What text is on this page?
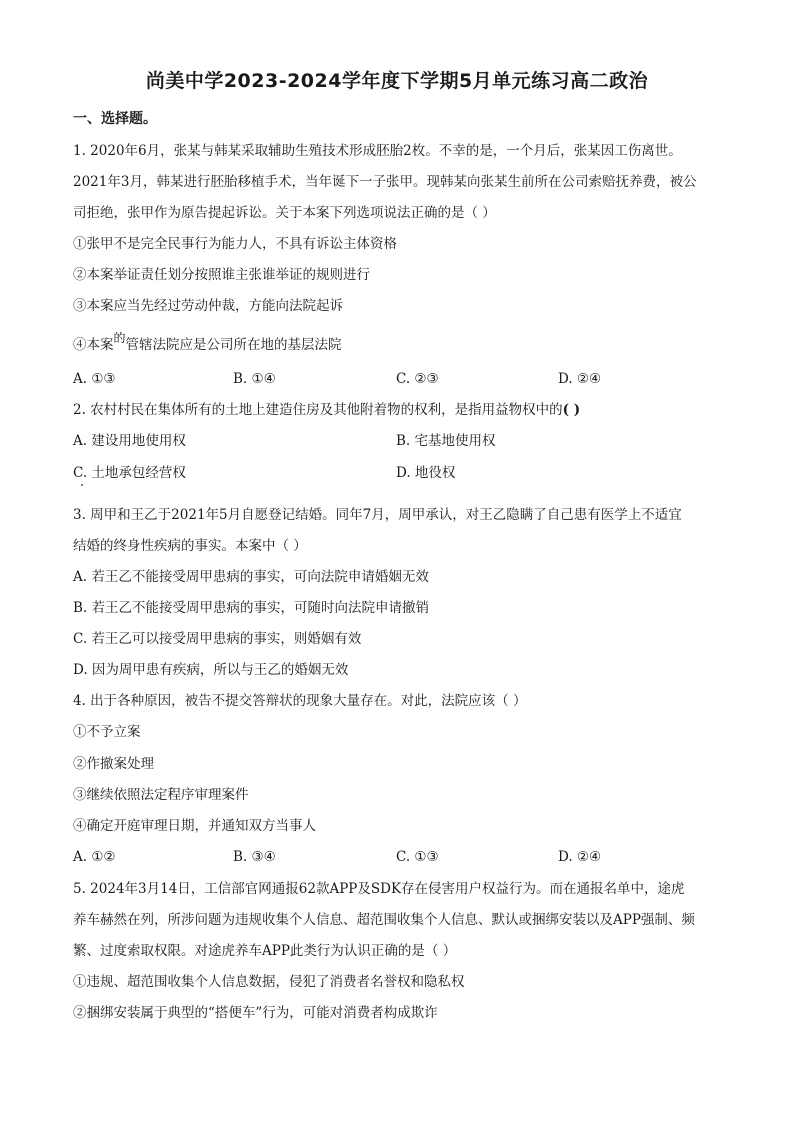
尚美中学2023-2024学年度下学期5月单元练习高二政治
一、选择题。
1. 2020年6月，张某与韩某采取辅助生殖技术形成胚胎2枚。不幸的是，一个月后，张某因工伤离世。
2021年3月，韩某进行胚胎移植手术，当年诞下一子张甲。现韩某向张某生前所在公司索赔抚养费，被公
司拒绝，张甲作为原告提起诉讼。关于本案下列选项说法正确的是（ ）
①张甲不是完全民事行为能力人，不具有诉讼主体资格
②本案举证责任划分按照谁主张谁举证的规则进行
③本案应当先经过劳动仲裁，方能向法院起诉
④本案的管辖法院应是公司所在地的基层法院
A. ①③	B. ①④	C. ②③	D. ②④
2. 农村村民在集体所有的土地上建造住房及其他附着物的权利，是指用益物权中的( )
A. 建设用地使用权	B. 宅基地使用权
C. 土地承包经营权	D. 地役权
3. 周甲和王乙于2021年5月自愿登记结婚。同年7月，周甲承认，对王乙隐瞒了自己患有医学上不适宜
结婚的终身性疾病的事实。本案中（ ）
A. 若王乙不能接受周甲患病的事实，可向法院申请婚姻无效
B. 若王乙不能接受周甲患病的事实，可随时向法院申请撤销
C. 若王乙可以接受周甲患病的事实，则婚姻有效
D. 因为周甲患有疾病，所以与王乙的婚姻无效
4. 出于各种原因，被告不提交答辩状的现象大量存在。对此，法院应该（ ）
①不予立案
②作撤案处理
③继续依照法定程序审理案件
④确定开庭审理日期，并通知双方当事人
A. ①②	B. ③④	C. ①③	D. ②④
5. 2024年3月14日，工信部官网通报62款APP及SDK存在侵害用户权益行为。而在通报名单中，途虎
养车赫然在列，所涉问题为违规收集个人信息、超范围收集个人信息、默认或捆绑安装以及APP强制、频
繁、过度索取权限。对途虎养车APP此类行为认识正确的是（ ）
①违规、超范围收集个人信息数据，侵犯了消费者名誉权和隐私权
②捆绑安装属于典型的“搭便车”行为，可能对消费者构成欺诈
